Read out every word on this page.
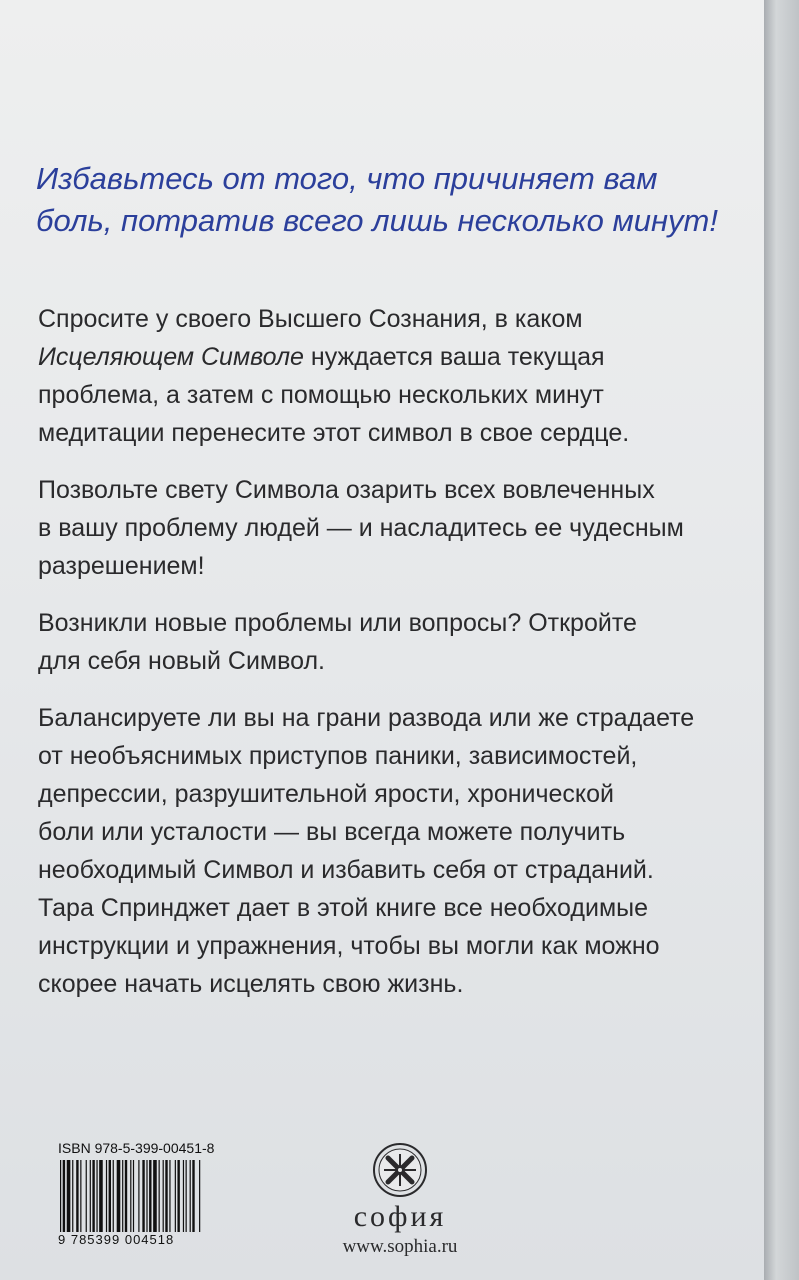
Избавьтесь от того, что причиняет вам
боль, потратив всего лишь несколько минут!

Спросите у своего Высшего Сознания, в каком
Исцеляющем Символе нуждается ваша текущая
проблема, а затем с помощью нескольких минут
медитации перенесите этот символ в свое сердце.

Позвольте свету Символа озарить всех вовлеченных
в вашу проблему людей — и насладитесь ее чудесным
разрешением!

Возникли новые проблемы или вопросы? Откройте
для себя новый Символ.

Балансируете ли вы на грани развода или же страдаете
от необъяснимых приступов паники, зависимостей,
депрессии, разрушительной ярости, хронической
боли или усталости — вы всегда можете получить
необходимый Символ и избавить себя от страданий.
Тара Спринджет дает в этой книге все необходимые
инструкции и упражнения, чтобы вы могли как можно
скорее начать исцелять свою жизнь.

ISBN 978-5-399-00451-8

9 785399 004518

софия

www.sophia.ru
